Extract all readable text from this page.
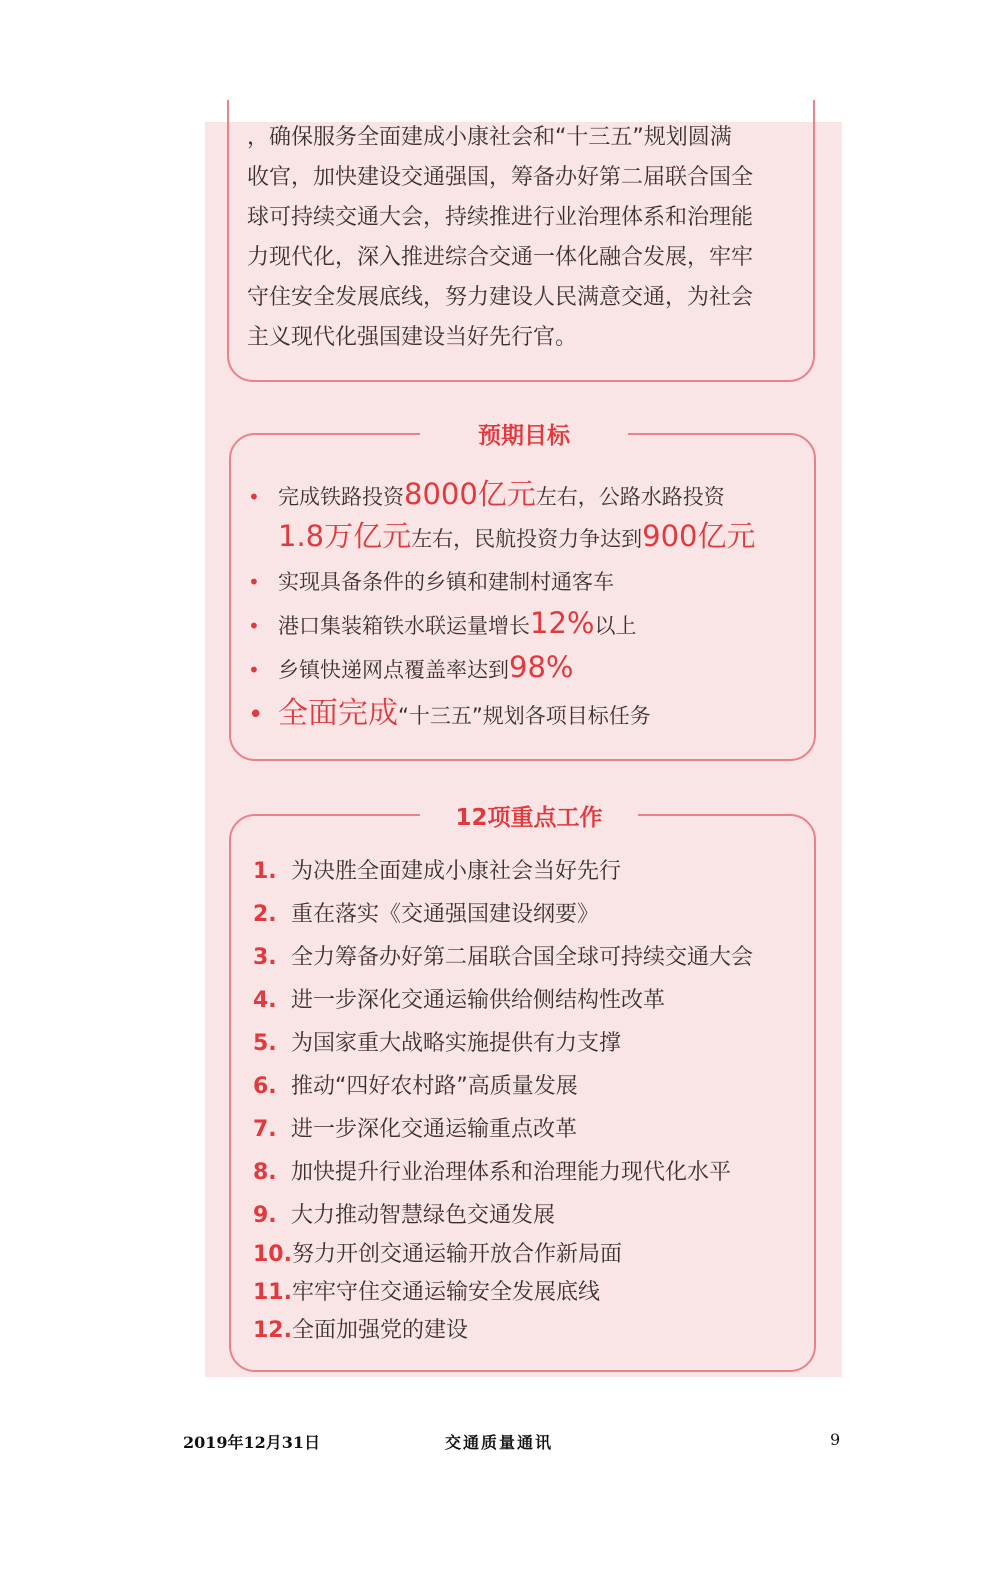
，确保服务全面建成小康社会和“十三五”规划圆满
收官，加快建设交通强国，筹备办好第二届联合国全
球可持续交通大会，持续推进行业治理体系和治理能
力现代化，深入推进综合交通一体化融合发展，牢牢
守住安全发展底线，努力建设人民满意交通，为社会
主义现代化强国建设当好先行官。
预期目标
• 完成铁路投资8000亿元左右，公路水路投资
1.8万亿元左右，民航投资力争达到900亿元
• 实现具备条件的乡镇和建制村通客车
• 港口集装箱铁水联运量增长12%以上
• 乡镇快递网点覆盖率达到98%
• 全面完成“十三五”规划各项目标任务
12项重点工作
1. 为决胜全面建成小康社会当好先行
2. 重在落实《交通强国建设纲要》
3. 全力筹备办好第二届联合国全球可持续交通大会
4. 进一步深化交通运输供给侧结构性改革
5. 为国家重大战略实施提供有力支撑
6. 推动“四好农村路”高质量发展
7. 进一步深化交通运输重点改革
8. 加快提升行业治理体系和治理能力现代化水平
9. 大力推动智慧绿色交通发展
10.努力开创交通运输开放合作新局面
11.牢牢守住交通运输安全发展底线
12.全面加强党的建设
2019年12月31日	交通质量通讯	9
